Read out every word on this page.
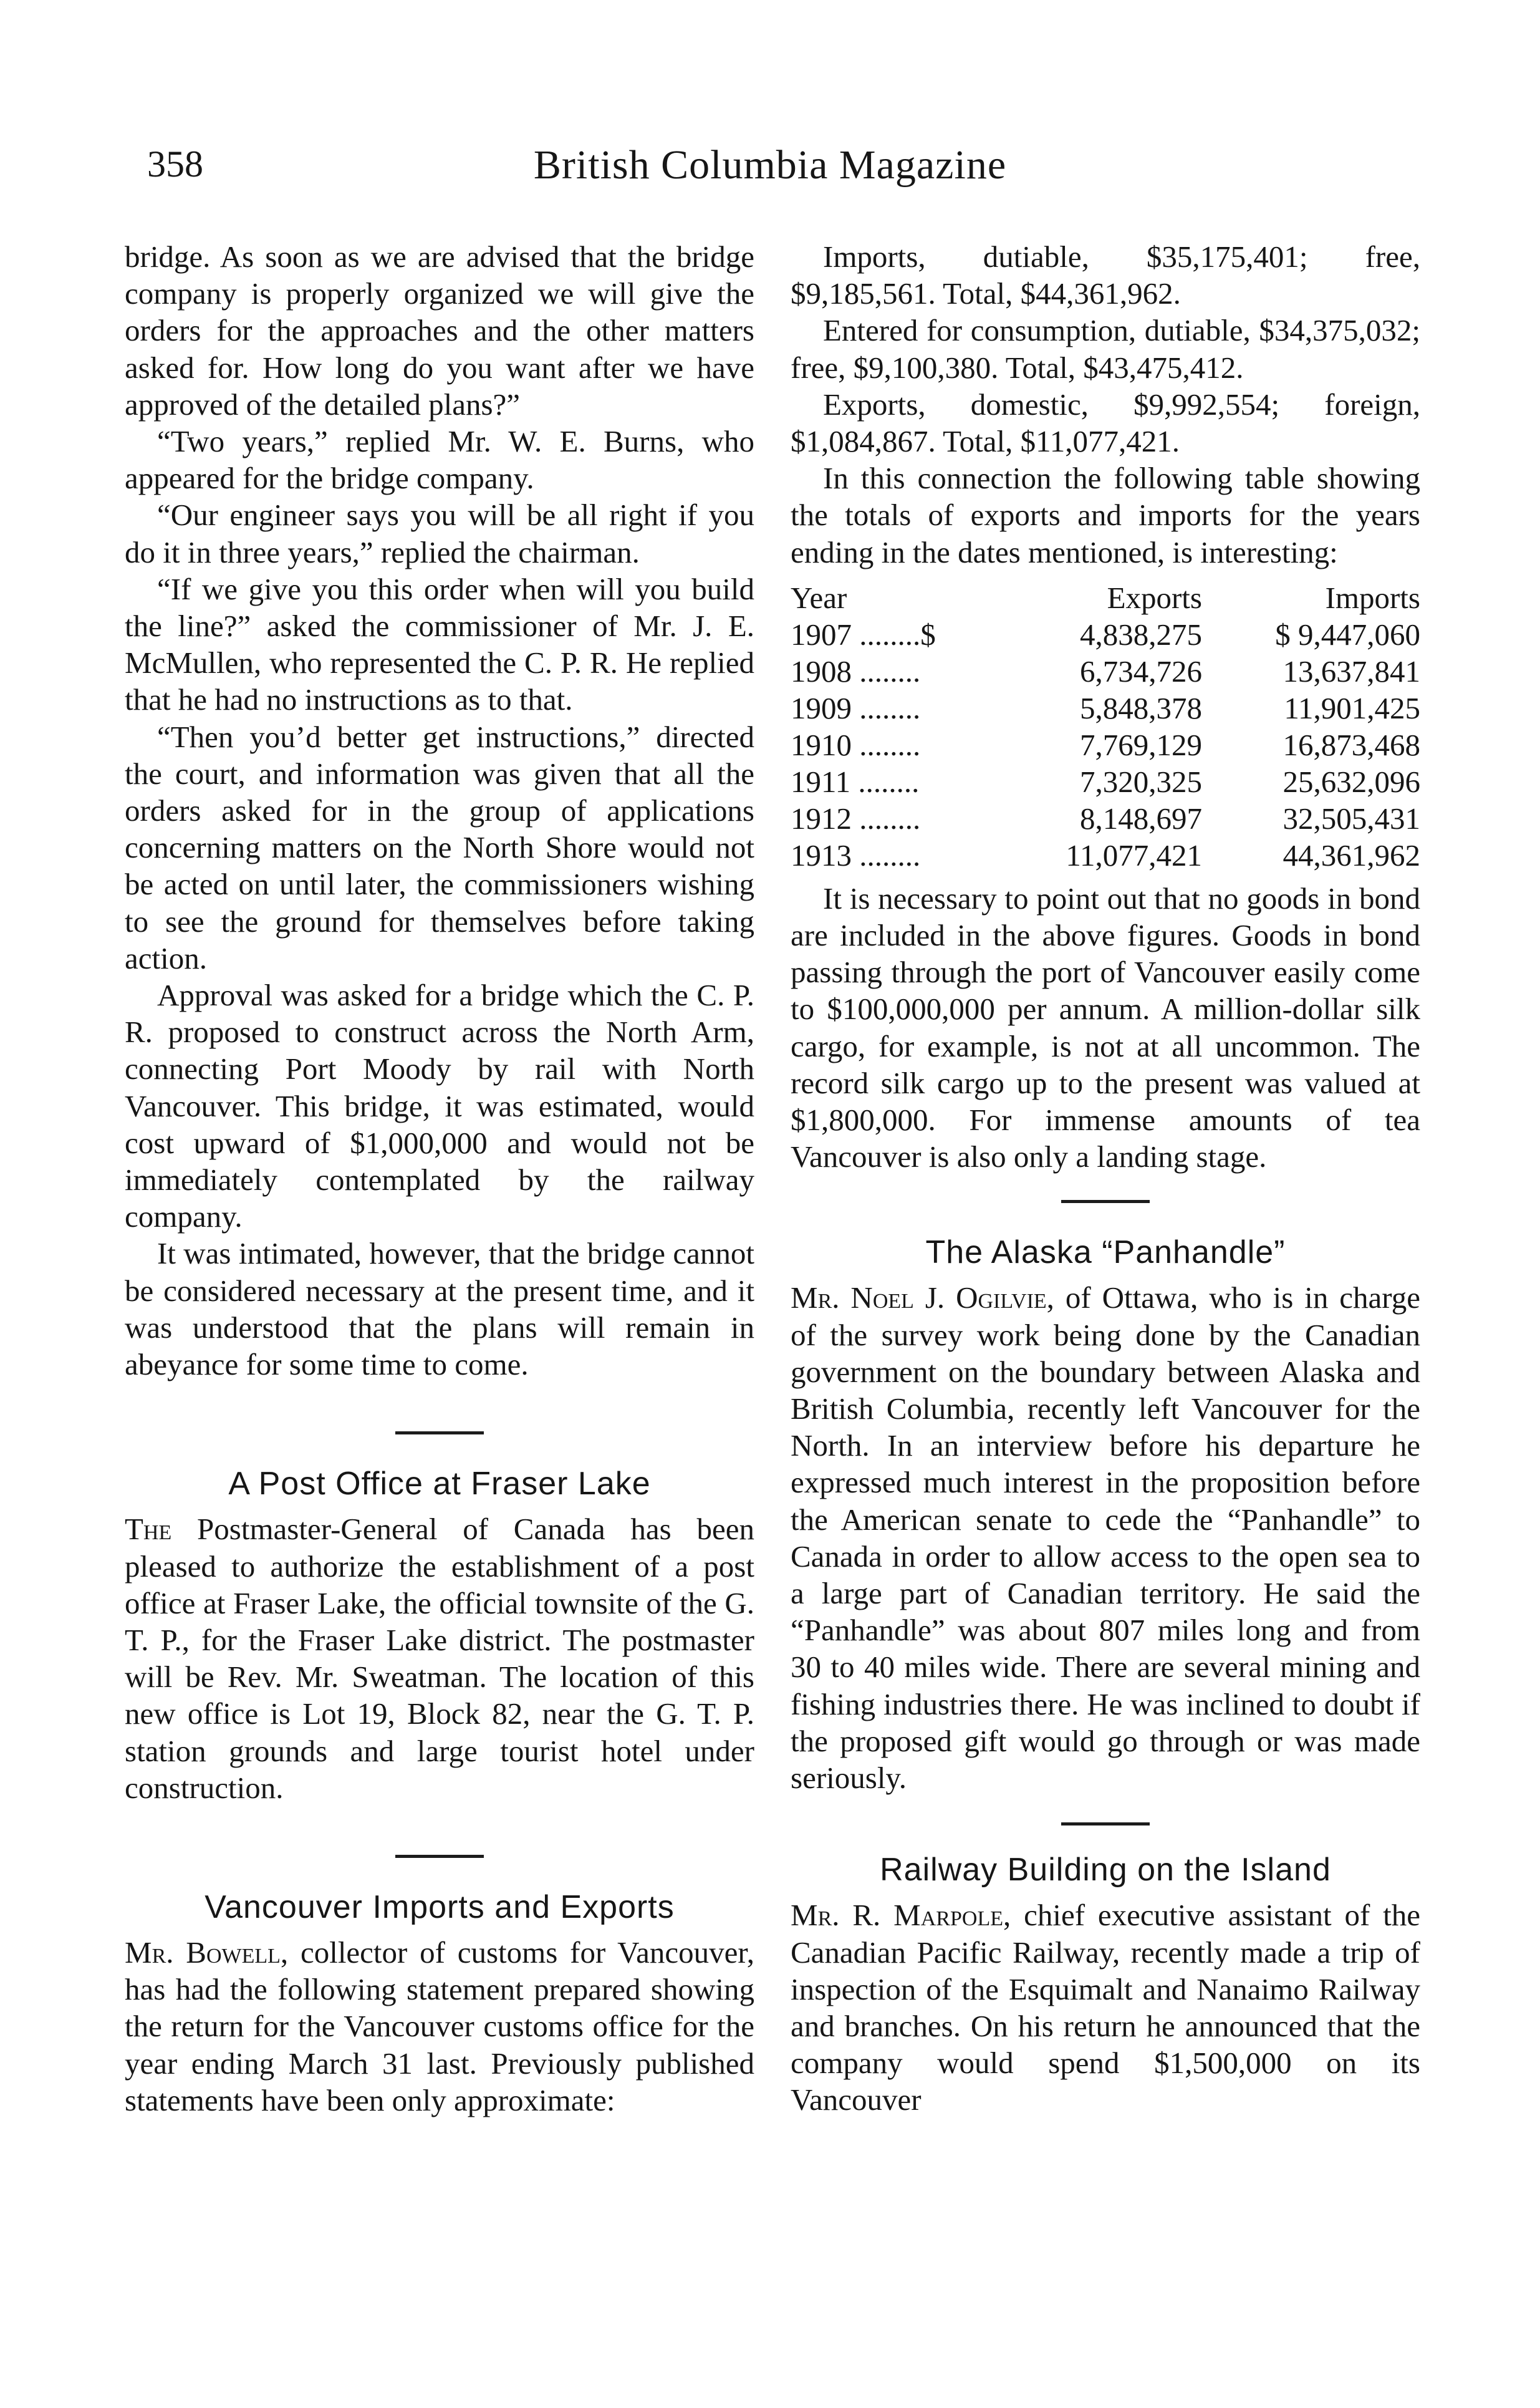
358	British Columbia Magazine

bridge. As soon as we are advised that the bridge company is properly organized we will give the orders for the approaches and the other matters asked for. How long do you want after we have approved of the detailed plans?”

“Two years,” replied Mr. W. E. Burns, who appeared for the bridge company.

“Our engineer says you will be all right if you do it in three years,” replied the chairman.

“If we give you this order when will you build the line?” asked the commissioner of Mr. J. E. McMullen, who represented the C. P. R. He replied that he had no instructions as to that.

“Then you’d better get instructions,” directed the court, and information was given that all the orders asked for in the group of applications concerning matters on the North Shore would not be acted on until later, the commissioners wishing to see the ground for themselves before taking action.

Approval was asked for a bridge which the C. P. R. proposed to construct across the North Arm, connecting Port Moody by rail with North Vancouver. This bridge, it was estimated, would cost upward of $1,000,000 and would not be immediately contemplated by the railway company.

It was intimated, however, that the bridge cannot be considered necessary at the present time, and it was understood that the plans will remain in abeyance for some time to come.

A Post Office at Fraser Lake

The Postmaster-General of Canada has been pleased to authorize the establishment of a post office at Fraser Lake, the official townsite of the G. T. P., for the Fraser Lake district. The postmaster will be Rev. Mr. Sweatman. The location of this new office is Lot 19, Block 82, near the G. T. P. station grounds and large tourist hotel under construction.

Vancouver Imports and Exports

Mr. Bowell, collector of customs for Vancouver, has had the following statement prepared showing the return for the Vancouver customs office for the year ending March 31 last. Previously published statements have been only approximate:

Imports, dutiable, $35,175,401; free, $9,185,561. Total, $44,361,962.

Entered for consumption, dutiable, $34,375,032; free, $9,100,380. Total, $43,475,412.

Exports, domestic, $9,992,554; foreign, $1,084,867. Total, $11,077,421.

In this connection the following table showing the totals of exports and imports for the years ending in the dates mentioned, is interesting:

Year	Exports	Imports
1907 ........$	4,838,275	$ 9,447,060
1908 ........	6,734,726	13,637,841
1909 ........	5,848,378	11,901,425
1910 ........	7,769,129	16,873,468
1911 ........	7,320,325	25,632,096
1912 ........	8,148,697	32,505,431
1913 ........	11,077,421	44,361,962

It is necessary to point out that no goods in bond are included in the above figures. Goods in bond passing through the port of Vancouver easily come to $100,000,000 per annum. A million-dollar silk cargo, for example, is not at all uncommon. The record silk cargo up to the present was valued at $1,800,000. For immense amounts of tea Vancouver is also only a landing stage.

The Alaska “Panhandle”

Mr. Noel J. Ogilvie, of Ottawa, who is in charge of the survey work being done by the Canadian government on the boundary between Alaska and British Columbia, recently left Vancouver for the North. In an interview before his departure he expressed much interest in the proposition before the American senate to cede the “Panhandle” to Canada in order to allow access to the open sea to a large part of Canadian territory. He said the “Panhandle” was about 807 miles long and from 30 to 40 miles wide. There are several mining and fishing industries there. He was inclined to doubt if the proposed gift would go through or was made seriously.

Railway Building on the Island

Mr. R. Marpole, chief executive assistant of the Canadian Pacific Railway, recently made a trip of inspection of the Esquimalt and Nanaimo Railway and branches. On his return he announced that the company would spend $1,500,000 on its Vancouver
